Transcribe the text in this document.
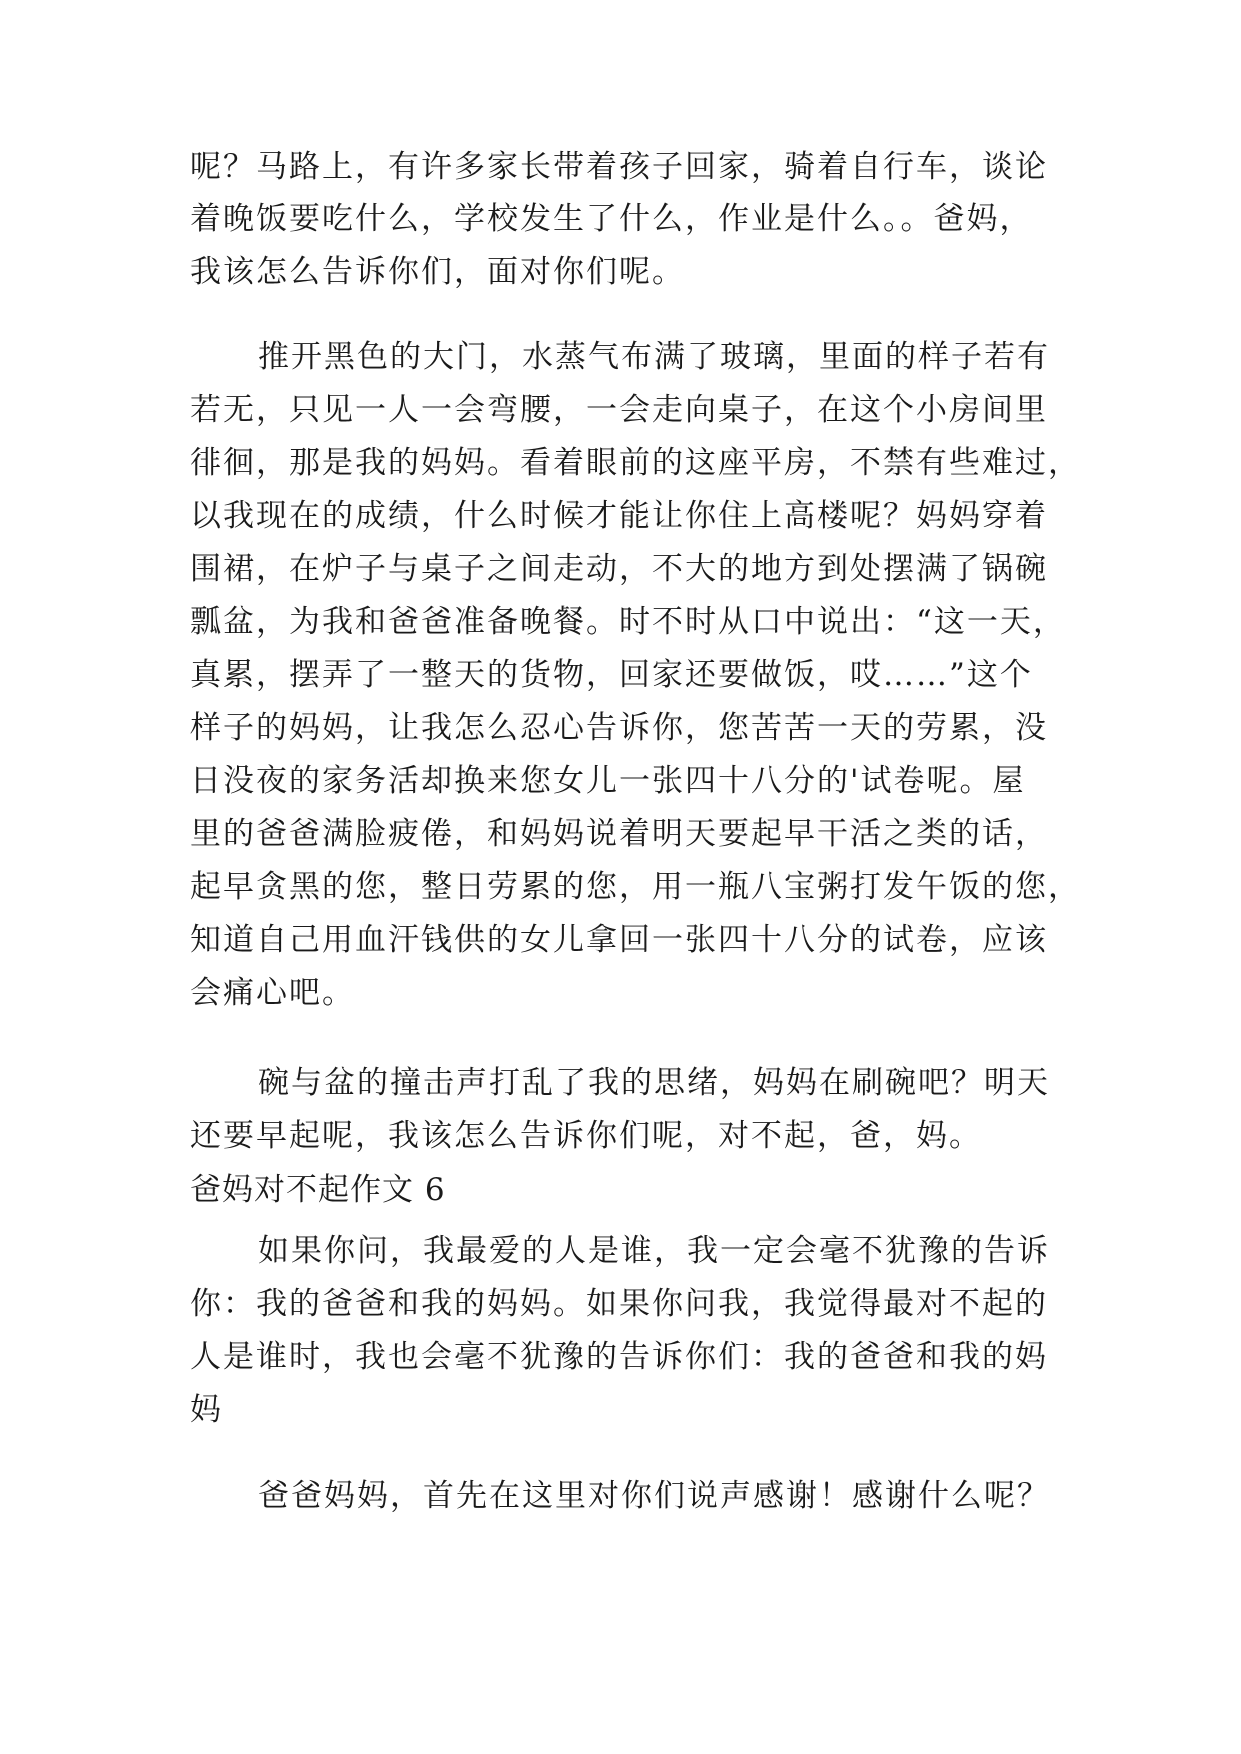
呢？马路上，有许多家长带着孩子回家，骑着自行车，谈论
着晚饭要吃什么，学校发生了什么，作业是什么。。爸妈，
我该怎么告诉你们，面对你们呢。
推开黑色的大门，水蒸气布满了玻璃，里面的样子若有
若无，只见一人一会弯腰，一会走向桌子，在这个小房间里
徘徊，那是我的妈妈。看着眼前的这座平房，不禁有些难过，
以我现在的成绩，什么时候才能让你住上高楼呢？妈妈穿着
围裙，在炉子与桌子之间走动，不大的地方到处摆满了锅碗
瓢盆，为我和爸爸准备晚餐。时不时从口中说出：“这一天，
真累，摆弄了一整天的货物，回家还要做饭，哎……”这个
样子的妈妈，让我怎么忍心告诉你，您苦苦一天的劳累，没
日没夜的家务活却换来您女儿一张四十八分的'试卷呢。屋
里的爸爸满脸疲倦，和妈妈说着明天要起早干活之类的话，
起早贪黑的您，整日劳累的您，用一瓶八宝粥打发午饭的您，
知道自己用血汗钱供的女儿拿回一张四十八分的试卷，应该
会痛心吧。
碗与盆的撞击声打乱了我的思绪，妈妈在刷碗吧？明天
还要早起呢，我该怎么告诉你们呢，对不起，爸，妈。
爸妈对不起作文 6
如果你问，我最爱的人是谁，我一定会毫不犹豫的告诉
你：我的爸爸和我的妈妈。如果你问我，我觉得最对不起的
人是谁时，我也会毫不犹豫的告诉你们：我的爸爸和我的妈
妈
爸爸妈妈，首先在这里对你们说声感谢！感谢什么呢？
